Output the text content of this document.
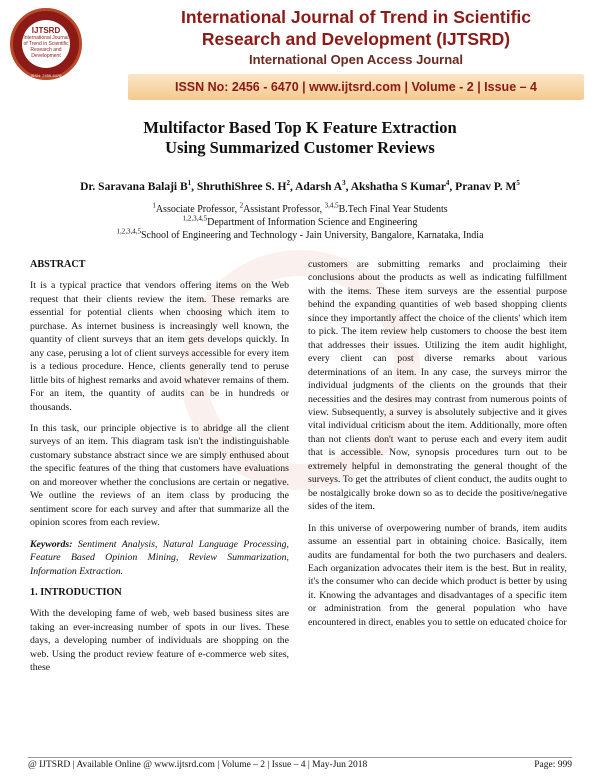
IJTSRD
International Journal of Trend in Scientific Research and Development
ISSN: 2456-6470
International Journal of Trend in Scientific
Research and Development (IJTSRD)
International Open Access Journal
ISSN No: 2456 - 6470 | www.ijtsrd.com | Volume - 2 | Issue – 4
Multifactor Based Top K Feature Extraction
Using Summarized Customer Reviews
Dr. Saravana Balaji $B^1$, ShruthiShree S. $H^2$, Adarsh $A^3$, Akshatha S Kumar$^4$, Pranav P. $M^5$
$^1$Associate Professor, $^2$Assistant Professor, $^{3,4,5}$B.Tech Final Year Students
$^{1,2,3,4,5}$Department of Information Science and Engineering
$^{1,2,3,4,5}$School of Engineering and Technology - Jain University, Bangalore, Karnataka, India
ABSTRACT

It is a typical practice that vendors offering items on the Web request that their clients review the item. These remarks are essential for potential clients when choosing which item to purchase. As internet business is increasingly well known, the quantity of client surveys that an item gets develops quickly. In any case, perusing a lot of client surveys accessible for every item is a tedious procedure. Hence, clients generally tend to peruse little bits of highest remarks and avoid whatever remains of them. For an item, the quantity of audits can be in hundreds or thousands.

In this task, our principle objective is to abridge all the client surveys of an item. This diagram task isn't the indistinguishable customary substance abstract since we are simply enthused about the specific features of the thing that customers have evaluations on and moreover whether the conclusions are certain or negative. We outline the reviews of an item class by producing the sentiment score for each survey and after that summarize all the opinion scores from each review.

Keywords: Sentiment Analysis, Natural Language Processing, Feature Based Opinion Mining, Review Summarization, Information Extraction.

1. INTRODUCTION

With the developing fame of web, web based business sites are taking an ever-increasing number of spots in our lives. These days, a developing number of individuals are shopping on the web. Using the product review feature of e-commerce web sites, these

customers are submitting remarks and proclaiming their conclusions about the products as well as indicating fulfillment with the items. These item surveys are the essential purpose behind the expanding quantities of web based shopping clients since they importantly affect the choice of the clients' which item to pick. The item review help customers to choose the best item that addresses their issues. Utilizing the item audit highlight, every client can post diverse remarks about various determinations of an item. In any case, the surveys mirror the individual judgments of the clients on the grounds that their necessities and the desires may contrast from numerous points of view. Subsequently, a survey is absolutely subjective and it gives vital individual criticism about the item. Additionally, more often than not clients don't want to peruse each and every item audit that is accessible. Now, synopsis procedures turn out to be extremely helpful in demonstrating the general thought of the surveys. To get the attributes of client conduct, the audits ought to be nostalgically broke down so as to decide the positive/negative sides of the item.

In this universe of overpowering number of brands, item audits assume an essential part in obtaining choice. Basically, item audits are fundamental for both the two purchasers and dealers. Each organization advocates their item is the best. But in reality, it's the consumer who can decide which product is better by using it. Knowing the advantages and disadvantages of a specific item or administration from the general population who have encountered in direct, enables you to settle on educated choice for

@ IJTSRD | Available Online @ www.ijtsrd.com | Volume – 2 | Issue – 4 | May-Jun 2018	Page: 999
